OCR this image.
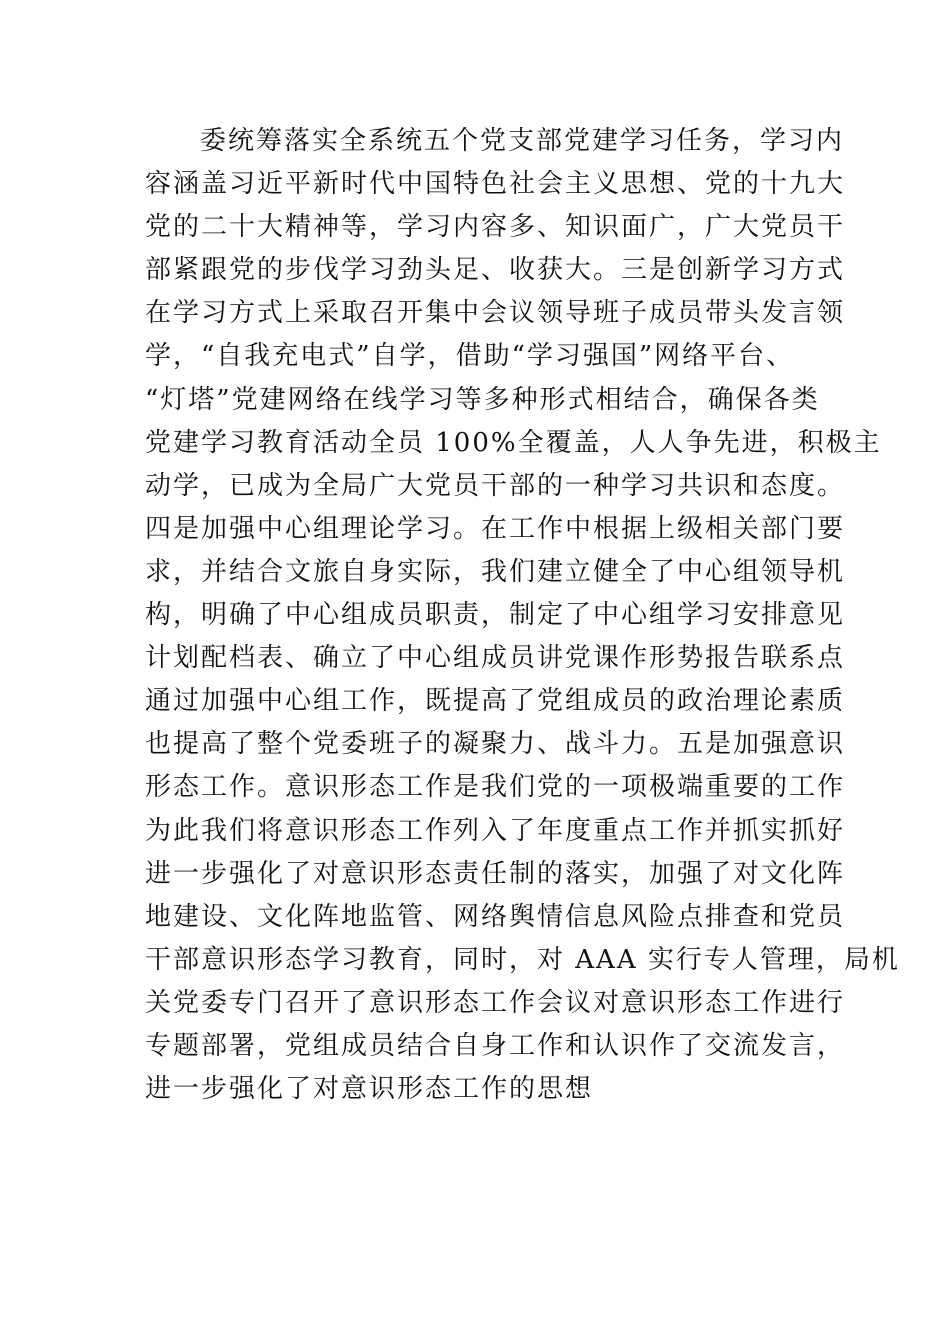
委统筹落实全系统五个党支部党建学习任务，学习内
容涵盖习近平新时代中国特色社会主义思想、党的十九大
党的二十大精神等，学习内容多、知识面广，广大党员干
部紧跟党的步伐学习劲头足、收获大。三是创新学习方式
在学习方式上采取召开集中会议领导班子成员带头发言领
学，“自我充电式”自学，借助“学习强国”网络平台、
“灯塔”党建网络在线学习等多种形式相结合，确保各类
党建学习教育活动全员 100%全覆盖，人人争先进，积极主
动学，已成为全局广大党员干部的一种学习共识和态度。
四是加强中心组理论学习。在工作中根据上级相关部门要
求，并结合文旅自身实际，我们建立健全了中心组领导机
构，明确了中心组成员职责，制定了中心组学习安排意见
计划配档表、确立了中心组成员讲党课作形势报告联系点
通过加强中心组工作，既提高了党组成员的政治理论素质
也提高了整个党委班子的凝聚力、战斗力。五是加强意识
形态工作。意识形态工作是我们党的一项极端重要的工作
为此我们将意识形态工作列入了年度重点工作并抓实抓好
进一步强化了对意识形态责任制的落实，加强了对文化阵
地建设、文化阵地监管、网络舆情信息风险点排查和党员
干部意识形态学习教育，同时，对 AAA 实行专人管理，局机
关党委专门召开了意识形态工作会议对意识形态工作进行
专题部署，党组成员结合自身工作和认识作了交流发言，
进一步强化了对意识形态工作的思想
